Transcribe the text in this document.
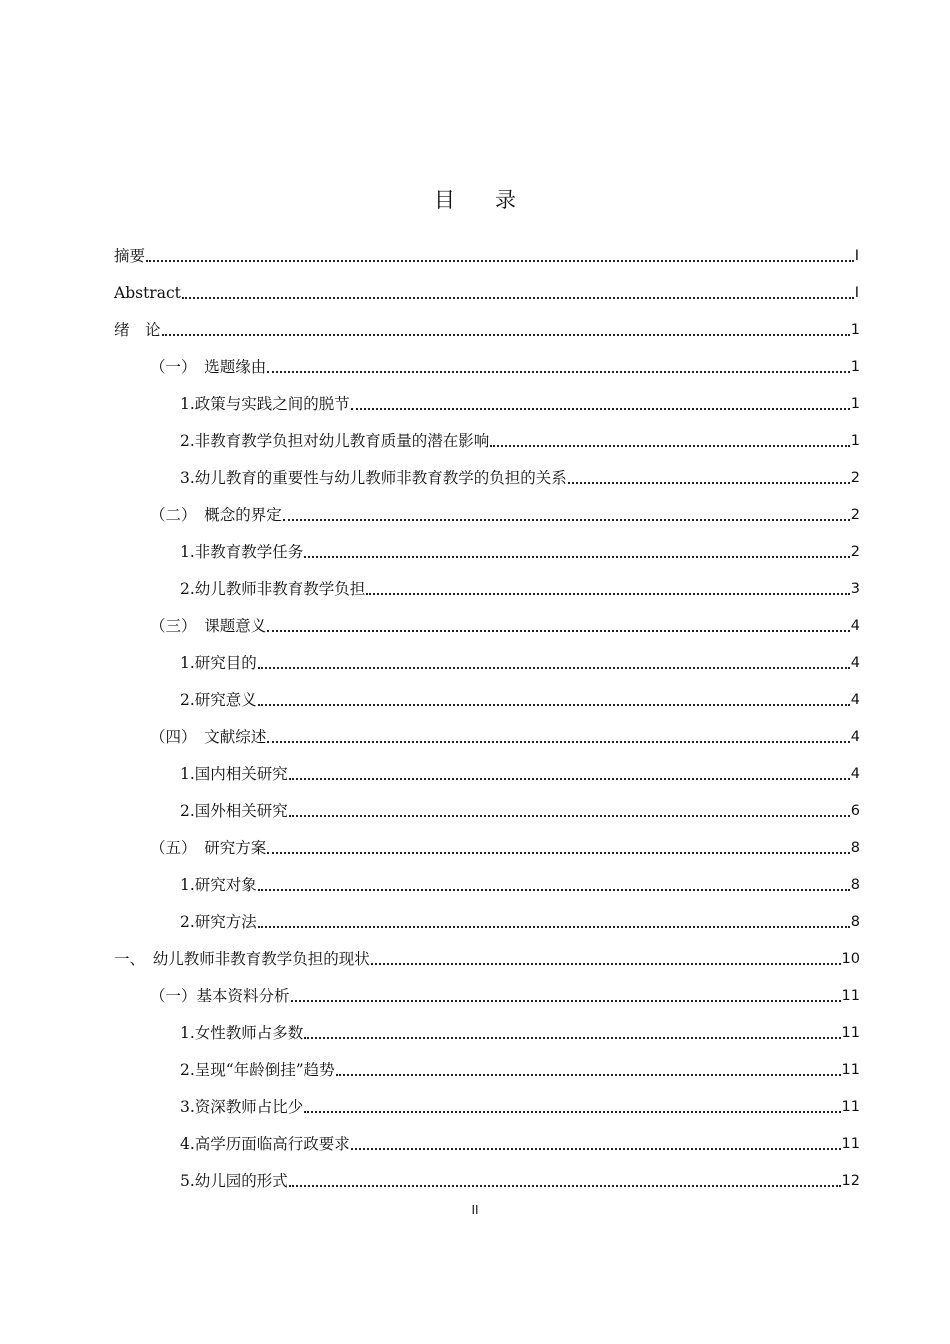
目录
摘要	I
Abstract	I
绪　论	1
（一）　选题缘由	1
1.政策与实践之间的脱节	1
2.非教育教学负担对幼儿教育质量的潜在影响	1
3.幼儿教育的重要性与幼儿教师非教育教学的负担的关系	2
（二）　概念的界定	2
1.非教育教学任务	2
2.幼儿教师非教育教学负担	3
（三）　课题意义	4
1.研究目的	4
2.研究意义	4
（四）　文献综述	4
1.国内相关研究	4
2.国外相关研究	6
（五）　研究方案	8
1.研究对象	8
2.研究方法	8
一、　幼儿教师非教育教学负担的现状	10
（一）基本资料分析	11
1.女性教师占多数	11
2.呈现“年龄倒挂”趋势	11
3.资深教师占比少	11
4.高学历面临高行政要求	11
5.幼儿园的形式	12
II
